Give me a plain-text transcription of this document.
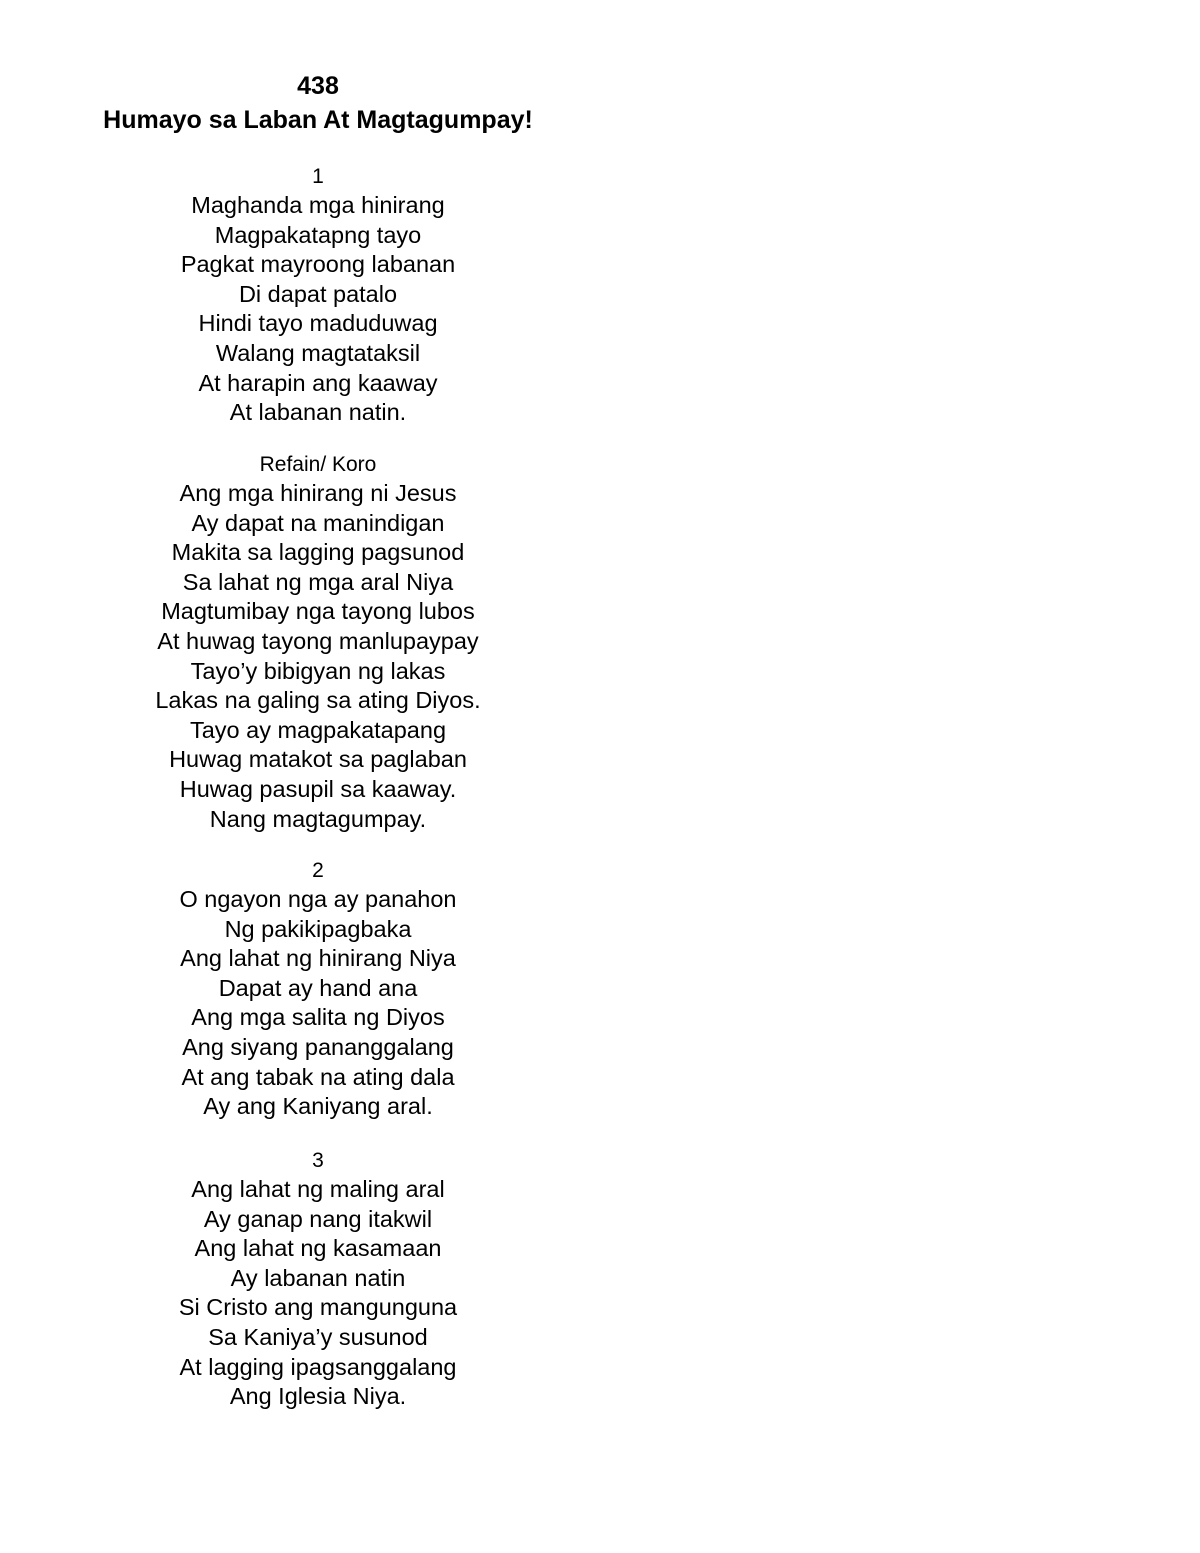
438
Humayo sa Laban At Magtagumpay!
1
Maghanda mga hinirang
Magpakatapng tayo
Pagkat mayroong labanan
Di dapat patalo
Hindi tayo maduduwag
Walang magtataksil
At harapin ang kaaway
At labanan natin.
Refain/ Koro
Ang mga hinirang ni Jesus
Ay dapat na manindigan
Makita sa lagging pagsunod
Sa lahat ng mga aral Niya
Magtumibay nga tayong lubos
At huwag tayong manlupaypay
Tayo’y bibigyan ng lakas
Lakas na galing sa ating Diyos.
Tayo ay magpakatapang
Huwag matakot sa paglaban
Huwag pasupil sa kaaway.
Nang magtagumpay.
2
O ngayon nga ay panahon
Ng pakikipagbaka
Ang lahat ng hinirang Niya
Dapat ay hand ana
Ang mga salita ng Diyos
Ang siyang pananggalang
At ang tabak na ating dala
Ay ang Kaniyang aral.
3
Ang lahat ng maling aral
Ay ganap nang itakwil
Ang lahat ng kasamaan
Ay labanan natin
Si Cristo ang mangunguna
Sa Kaniya’y susunod
At lagging ipagsanggalang
Ang Iglesia Niya.
